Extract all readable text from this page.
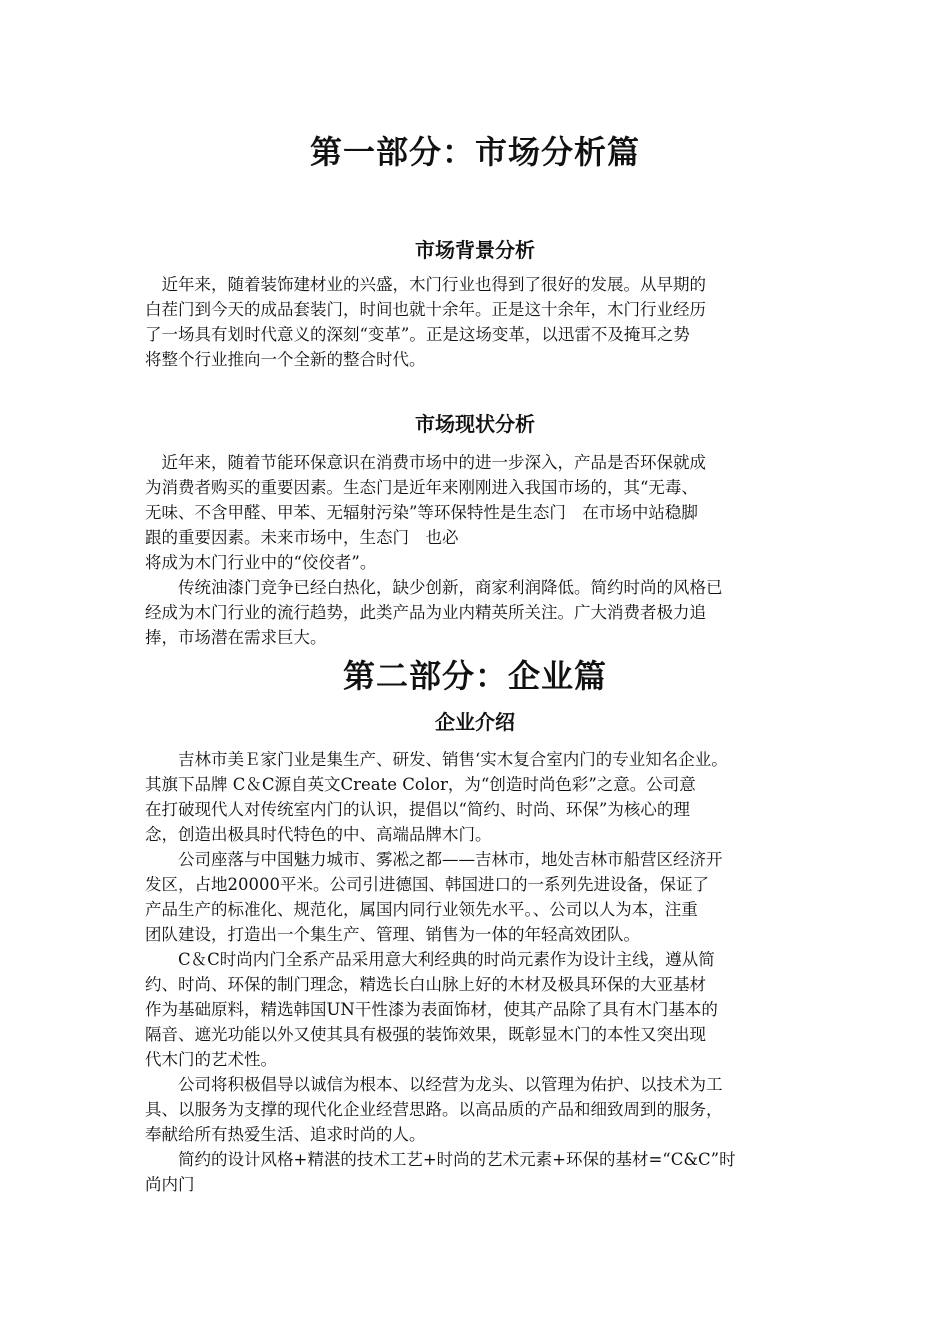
第一部分：市场分析篇
市场背景分析
　近年来，随着装饰建材业的兴盛，木门行业也得到了很好的发展。从早期的
白茬门到今天的成品套装门，时间也就十余年。正是这十余年，木门行业经历
了一场具有划时代意义的深刻“变革”。正是这场变革，以迅雷不及掩耳之势
将整个行业推向一个全新的整合时代。
市场现状分析
　近年来，随着节能环保意识在消费市场中的进一步深入，产品是否环保就成
为消费者购买的重要因素。生态门是近年来刚刚进入我国市场的，其“无毒、
无味、不含甲醛、甲苯、无辐射污染”等环保特性是生态门　在市场中站稳脚
跟的重要因素。未来市场中，生态门　也必
将成为木门行业中的“佼佼者”。
　　传统油漆门竞争已经白热化，缺少创新，商家利润降低。简约时尚的风格已
经成为木门行业的流行趋势，此类产品为业内精英所关注。广大消费者极力追
捧，市场潜在需求巨大。
第二部分：企业篇
企业介绍
　　吉林市美Ｅ家门业是集生产、研发、销售‘实木复合室内门的专业知名企业。
其旗下品牌 C＆C源自英文Create Color，为“创造时尚色彩”之意。公司意
在打破现代人对传统室内门的认识，提倡以“简约、时尚、环保”为核心的理
念，创造出极具时代特色的中、高端品牌木门。
　　公司座落与中国魅力城市、雾凇之都——吉林市，地处吉林市船营区经济开
发区，占地20000平米。公司引进德国、韩国进口的一系列先进设备，保证了
产品生产的标准化、规范化，属国内同行业领先水平。、公司以人为本，注重
团队建设，打造出一个集生产、管理、销售为一体的年轻高效团队。
　　C＆C时尚内门全系产品采用意大利经典的时尚元素作为设计主线，遵从简
约、时尚、环保的制门理念，精选长白山脉上好的木材及极具环保的大亚基材
作为基础原料，精选韩国UN干性漆为表面饰材，使其产品除了具有木门基本的
隔音、遮光功能以外又使其具有极强的装饰效果，既彰显木门的本性又突出现
代木门的艺术性。
　　公司将积极倡导以诚信为根本、以经营为龙头、以管理为佑护、以技术为工
具、以服务为支撑的现代化企业经营思路。以高品质的产品和细致周到的服务，
奉献给所有热爱生活、追求时尚的人。
　　简约的设计风格+精湛的技术工艺+时尚的艺术元素+环保的基材=“C&C”时
尚内门
